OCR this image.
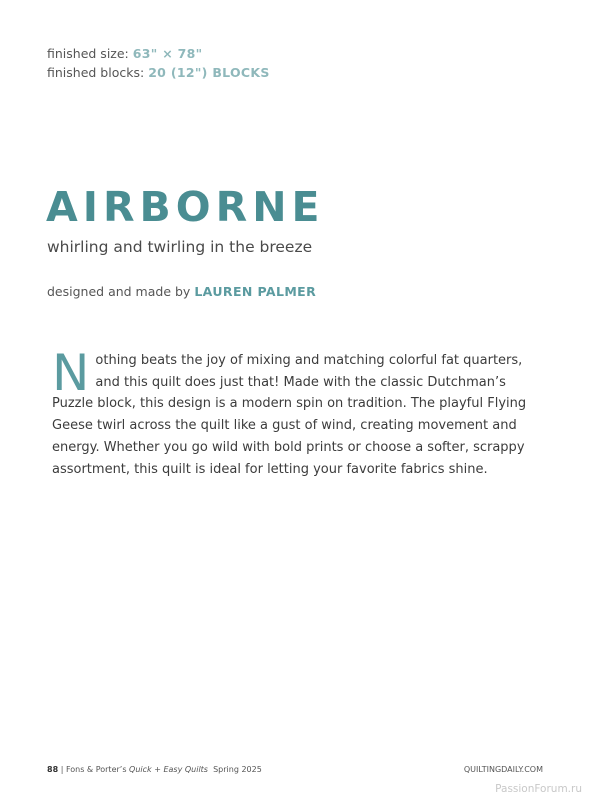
finished size: 63" × 78"
finished blocks: 20 (12") BLOCKS
AIRBORNE

whirling and twirling in the breeze

designed and made by LAUREN PALMER
Nothing beats the joy of mixing and matching colorful fat quarters, and this quilt does just that! Made with the classic Dutchman’s Puzzle block, this design is a modern spin on tradition. The playful Flying Geese twirl across the quilt like a gust of wind, creating movement and energy. Whether you go wild with bold prints or choose a softer, scrappy assortment, this quilt is ideal for letting your favorite fabrics shine.
88 | Fons & Porter’s Quick + Easy Quilts Spring 2025	QUILTINGDAILY.COM
PassionForum.ru
